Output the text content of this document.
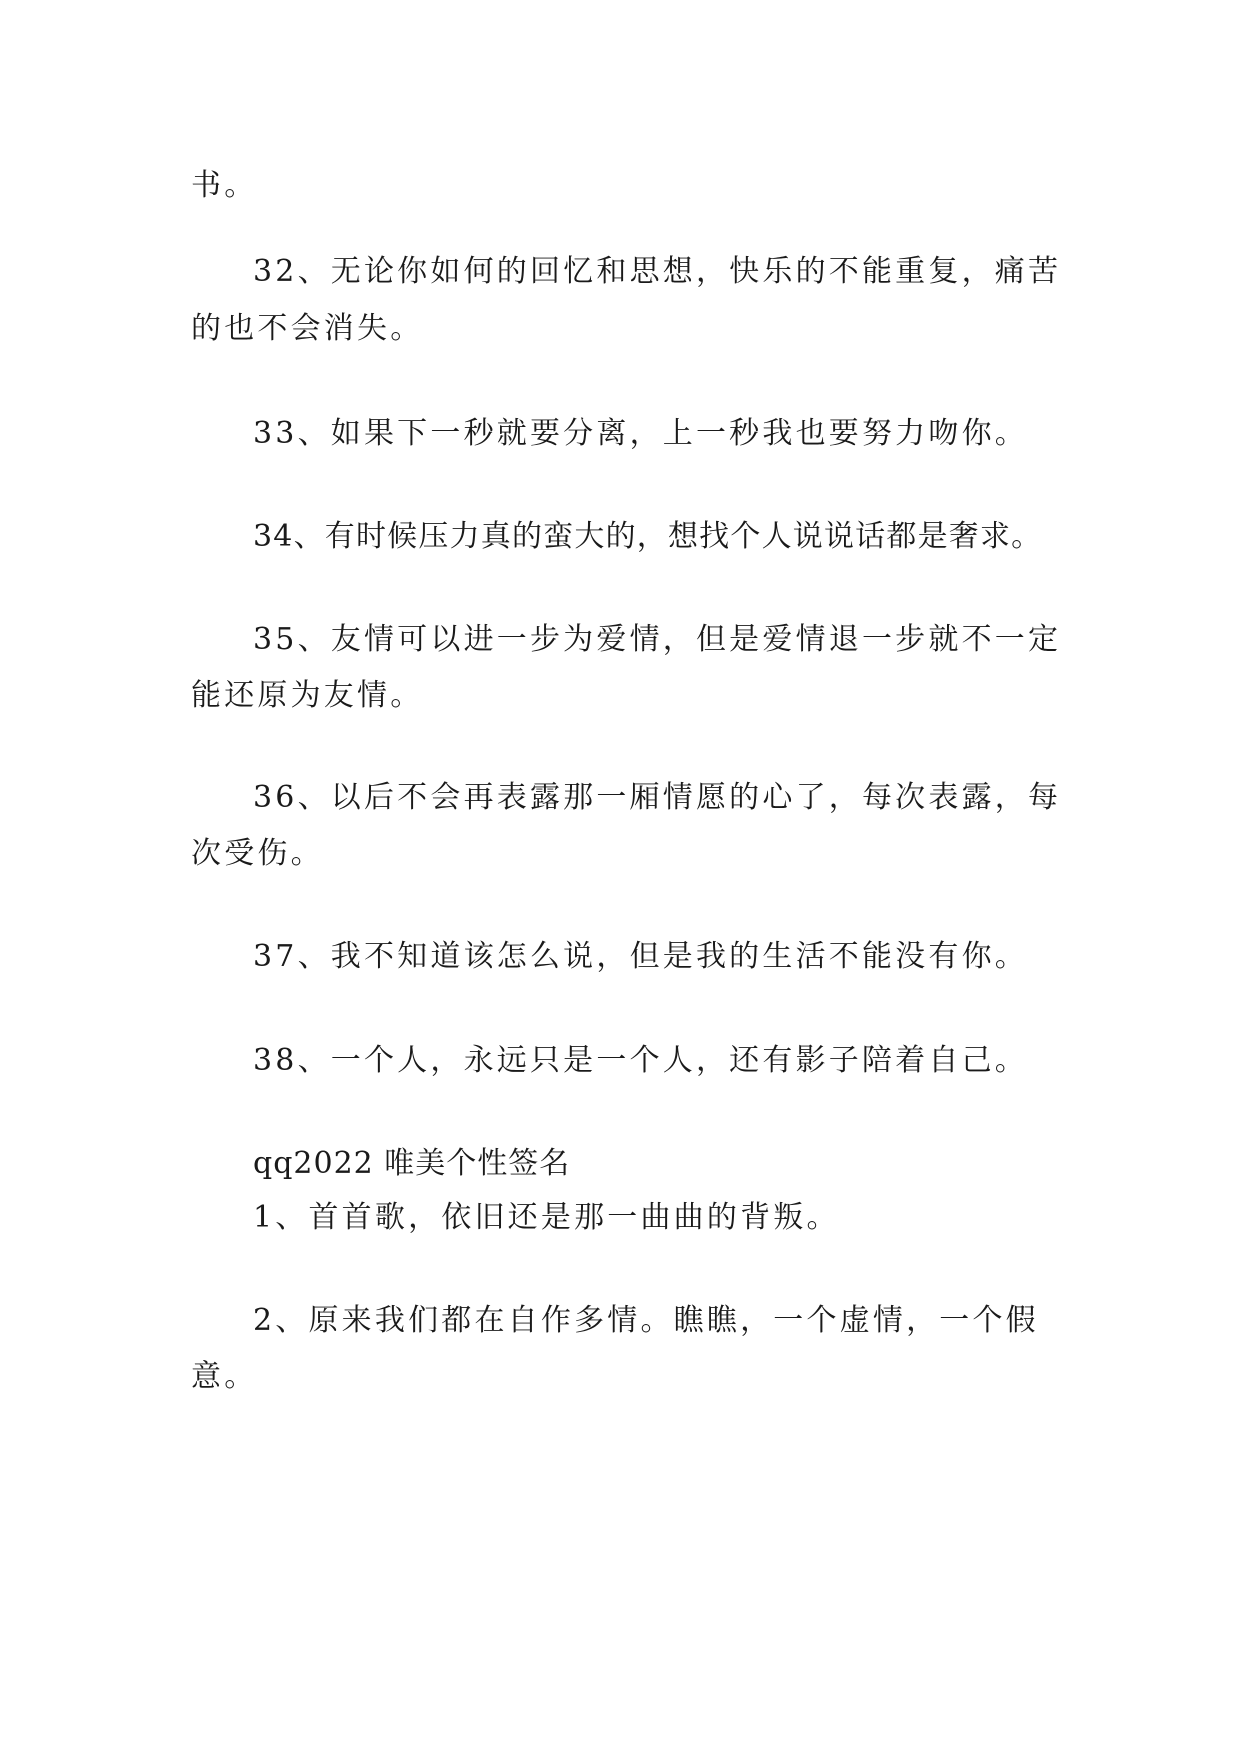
书。
32、无论你如何的回忆和思想，快乐的不能重复，痛苦
的也不会消失。
33、如果下一秒就要分离，上一秒我也要努力吻你。
34、有时候压力真的蛮大的，想找个人说说话都是奢求。
35、友情可以进一步为爱情，但是爱情退一步就不一定
能还原为友情。
36、以后不会再表露那一厢情愿的心了，每次表露，每
次受伤。
37、我不知道该怎么说，但是我的生活不能没有你。
38、一个人，永远只是一个人，还有影子陪着自己。
qq2022 唯美个性签名
1、首首歌，依旧还是那一曲曲的背叛。
2、原来我们都在自作多情。瞧瞧，一个虚情，一个假
意。
